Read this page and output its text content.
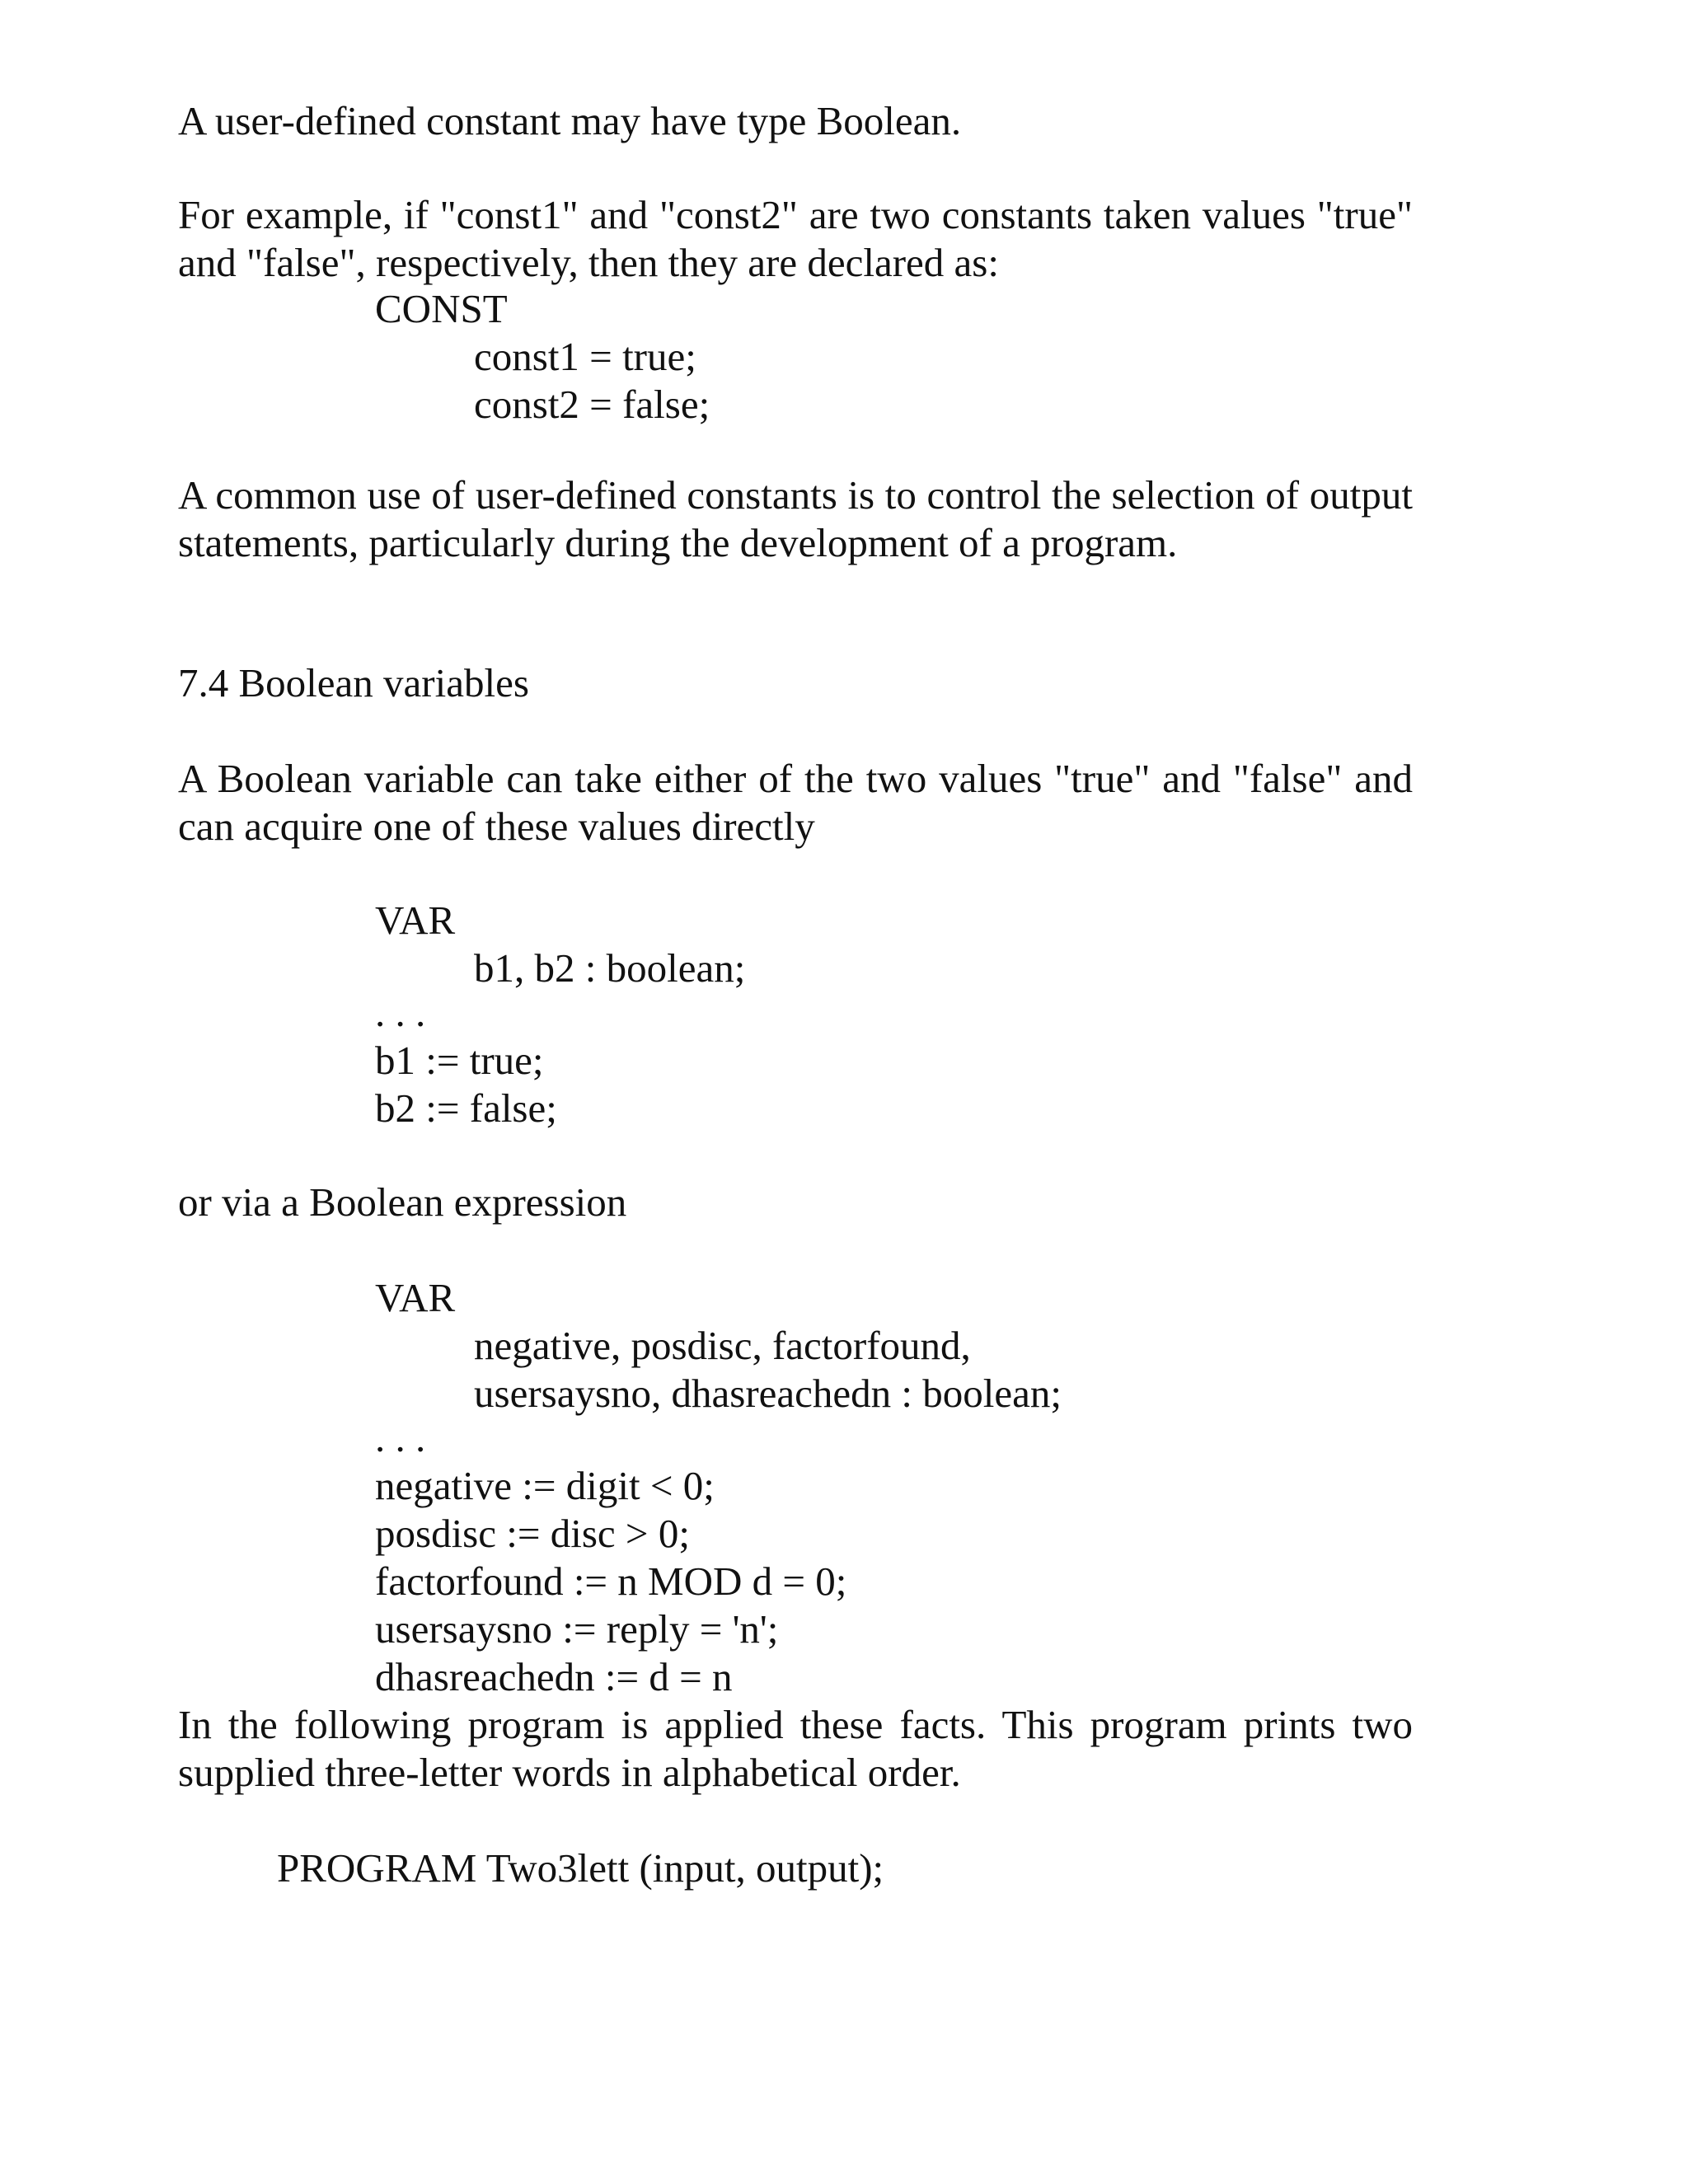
A user-defined constant may have type Boolean.
For example, if "const1" and "const2" are two constants taken values "true" and "false", respectively, then they are declared as:
CONST
const1 = true;
const2 = false;
A common use of user-defined constants is to control the selection of output statements, particularly during the development of a program.
7.4 Boolean variables
A Boolean variable can take either of the two values "true" and "false" and can acquire one of these values directly
VAR
b1, b2 : boolean;
. . .
b1 := true;
b2 := false;
or via a Boolean expression
VAR
negative, posdisc, factorfound,
usersaysno, dhasreachedn : boolean;
. . .
negative := digit < 0;
posdisc := disc > 0;
factorfound := n MOD d = 0;
usersaysno := reply = 'n';
dhasreachedn := d = n
In the following program is applied these facts. This program prints two supplied three-letter words in alphabetical order.
PROGRAM Two3lett (input, output);
